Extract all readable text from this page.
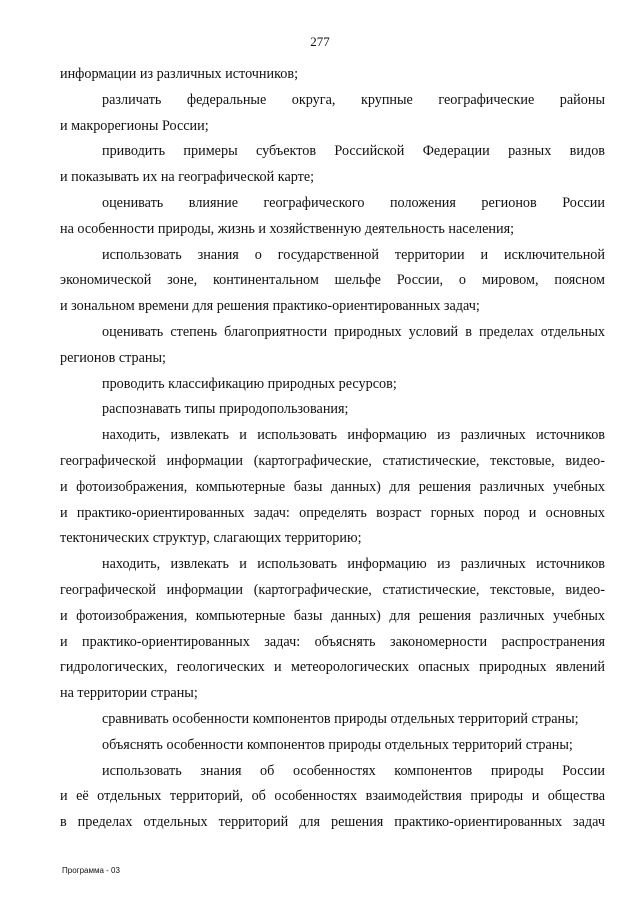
277
информации из различных источников;
различать федеральные округа, крупные географические районы
и макрорегионы России;
приводить примеры субъектов Российской Федерации разных видов
и показывать их на географической карте;
оценивать влияние географического положения регионов России
на особенности природы, жизнь и хозяйственную деятельность населения;
использовать знания о государственной территории и исключительной
экономической зоне, континентальном шельфе России, о мировом, поясном
и зональном времени для решения практико-ориентированных задач;
оценивать степень благоприятности природных условий в пределах отдельных
регионов страны;
проводить классификацию природных ресурсов;
распознавать типы природопользования;
находить, извлекать и использовать информацию из различных источников
географической информации (картографические, статистические, текстовые, видео-
и фотоизображения, компьютерные базы данных) для решения различных учебных
и практико-ориентированных задач: определять возраст горных пород и основных
тектонических структур, слагающих территорию;
находить, извлекать и использовать информацию из различных источников
географической информации (картографические, статистические, текстовые, видео-
и фотоизображения, компьютерные базы данных) для решения различных учебных
и практико-ориентированных задач: объяснять закономерности распространения
гидрологических, геологических и метеорологических опасных природных явлений
на территории страны;
сравнивать особенности компонентов природы отдельных территорий страны;
объяснять особенности компонентов природы отдельных территорий страны;
использовать знания об особенностях компонентов природы России
и её отдельных территорий, об особенностях взаимодействия природы и общества
в пределах отдельных территорий для решения практико-ориентированных задач
Программа - 03
